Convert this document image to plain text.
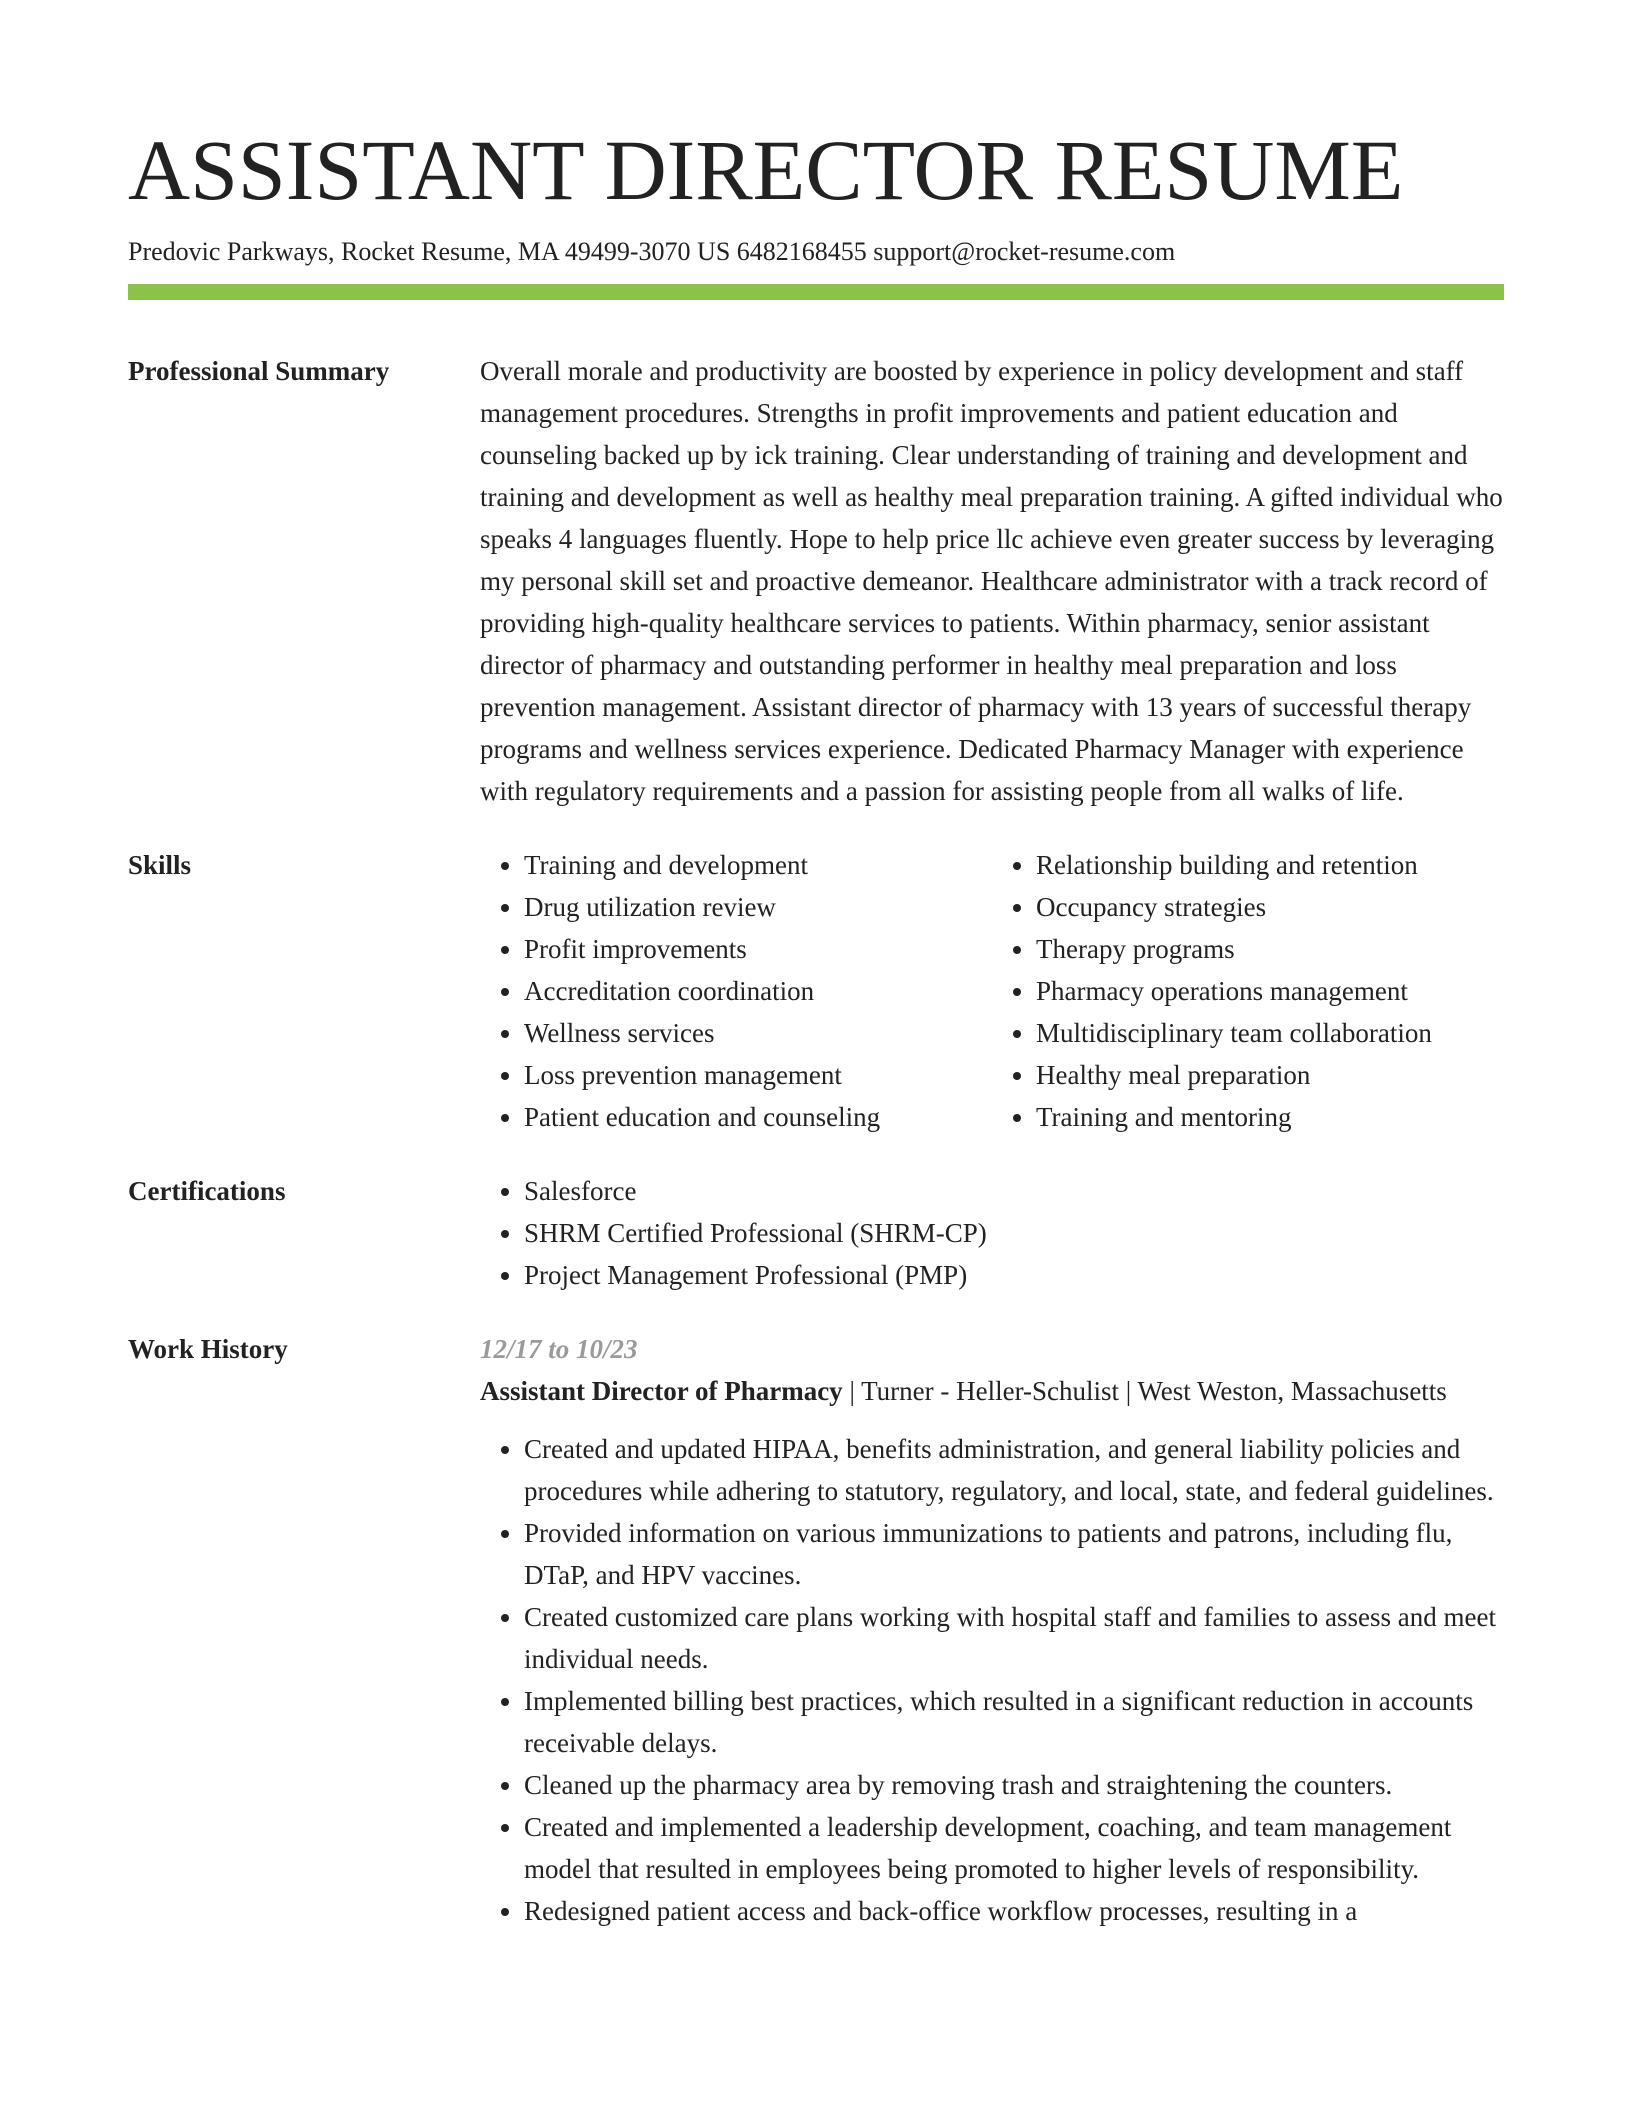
ASSISTANT DIRECTOR RESUME
Predovic Parkways, Rocket Resume, MA 49499-3070 US 6482168455 support@rocket-resume.com
Professional Summary	Overall morale and productivity are boosted by experience in policy development and staff management procedures. Strengths in profit improvements and patient education and counseling backed up by ick training. Clear understanding of training and development and training and development as well as healthy meal preparation training. A gifted individual who speaks 4 languages fluently. Hope to help price llc achieve even greater success by leveraging my personal skill set and proactive demeanor. Healthcare administrator with a track record of providing high-quality healthcare services to patients. Within pharmacy, senior assistant director of pharmacy and outstanding performer in healthy meal preparation and loss prevention management. Assistant director of pharmacy with 13 years of successful therapy programs and wellness services experience. Dedicated Pharmacy Manager with experience with regulatory requirements and a passion for assisting people from all walks of life.

Skills	• Training and development
• Drug utilization review
• Profit improvements
• Accreditation coordination
• Wellness services
• Loss prevention management
• Patient education and counseling
• Relationship building and retention
• Occupancy strategies
• Therapy programs
• Pharmacy operations management
• Multidisciplinary team collaboration
• Healthy meal preparation
• Training and mentoring
Certifications	• Salesforce
• SHRM Certified Professional (SHRM-CP)
• Project Management Professional (PMP)
Work History	12/17 to 10/23
Assistant Director of Pharmacy | Turner - Heller-Schulist | West Weston, Massachusetts
• Created and updated HIPAA, benefits administration, and general liability policies and procedures while adhering to statutory, regulatory, and local, state, and federal guidelines.
• Provided information on various immunizations to patients and patrons, including flu, DTaP, and HPV vaccines.
• Created customized care plans working with hospital staff and families to assess and meet individual needs.
• Implemented billing best practices, which resulted in a significant reduction in accounts receivable delays.
• Cleaned up the pharmacy area by removing trash and straightening the counters.
• Created and implemented a leadership development, coaching, and team management model that resulted in employees being promoted to higher levels of responsibility.
• Redesigned patient access and back-office workflow processes, resulting in a
